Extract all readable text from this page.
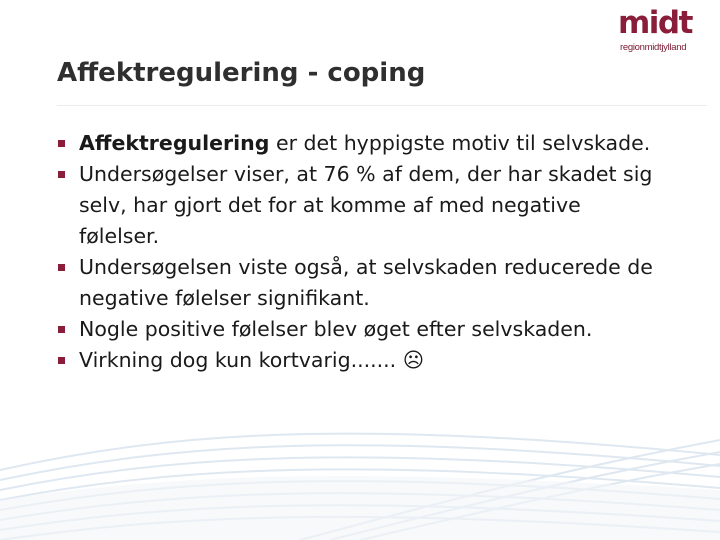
midt
regionmidtjylland
Affektregulering - coping
Affektregulering er det hyppigste motiv til selvskade.
Undersøgelser viser, at 76 % af dem, der har skadet sig selv, har gjort det for at komme af med negative følelser.
Undersøgelsen viste også, at selvskaden reducerede de negative følelser signifikant.
Nogle positive følelser blev øget efter selvskaden.
Virkning dog kun kortvarig....... ☹
